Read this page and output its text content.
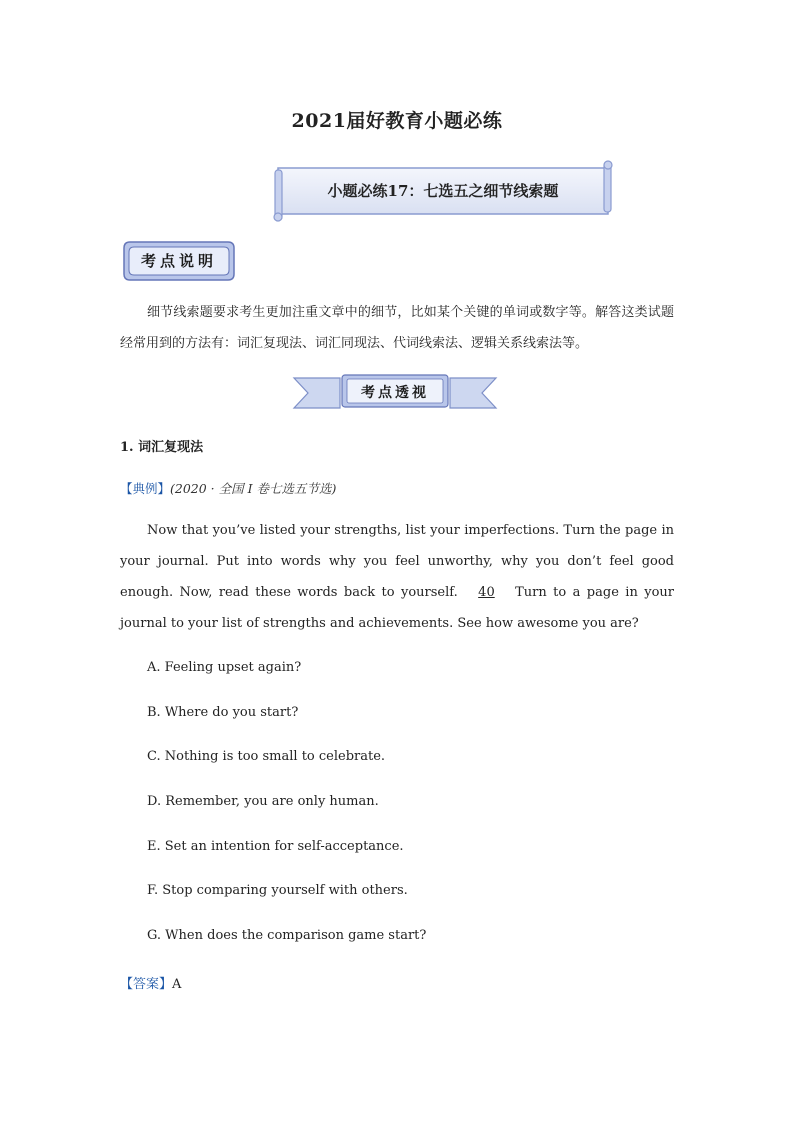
2021届好教育小题必练
小题必练17：七选五之细节线索题
考点说明
细节线索题要求考生更加注重文章中的细节，比如某个关键的单词或数字等。解答这类试题经常用到的方法有：词汇复现法、词汇同现法、代词线索法、逻辑关系线索法等。
考点透视
1. 词汇复现法
【典例】(2020 · 全国 I 卷七选五节选)
Now that you’ve listed your strengths, list your imperfections. Turn the page in your journal. Put into words why you feel unworthy, why you don’t feel good enough. Now, read these words back to yourself. 40 Turn to a page in your journal to your list of strengths and achievements. See how awesome you are?
A. Feeling upset again?
B. Where do you start?
C. Nothing is too small to celebrate.
D. Remember, you are only human.
E. Set an intention for self-acceptance.
F. Stop comparing yourself with others.
G. When does the comparison game start?
【答案】A
